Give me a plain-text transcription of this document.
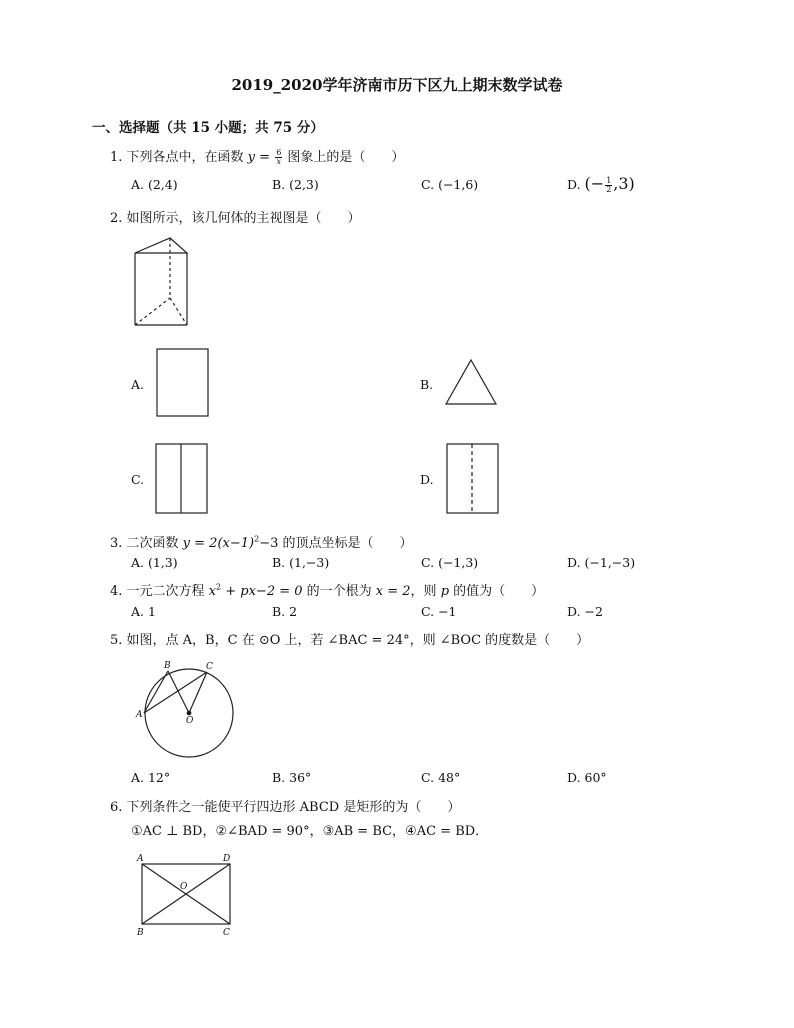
2019_2020学年济南市历下区九上期末数学试卷
一、选择题（共 15 小题；共 75 分）
1. 下列各点中，在函数 $y = \frac{6}{x}$ 图象上的是（　　）
A. (2,4)	B. (2,3)	C. (−1,6)	D. (− $\frac{1}{2} ,3$)
2. 如图所示，该几何体的主视图是（　　）
A.	B.
C.	D.
3. 二次函数 $y = 2(x-1)^2-3$ 的顶点坐标是（　　）
A. (1,3)	B. (1,−3)	C. (−1,3)	D. (−1,−3)
4. 一元二次方程 $x^2 + px-2 = 0$ 的一个根为 x = 2，则 p 的值为（　　）
A. 1	B. 2	C. −1	D. −2
5. 如图，点 A，B，C 在 ⊙O 上，若 ∠BAC = 24°，则 ∠BOC 的度数是（　　）
A
B	C
O
A. 12°	B. 36°	C. 48°	D. 60°
6. 下列条件之一能使平行四边形 ABCD 是矩形的为（　　）
①AC ⊥ BD，②∠BAD = 90°，③AB = BC，④AC = BD．
A	D
O
B	C
